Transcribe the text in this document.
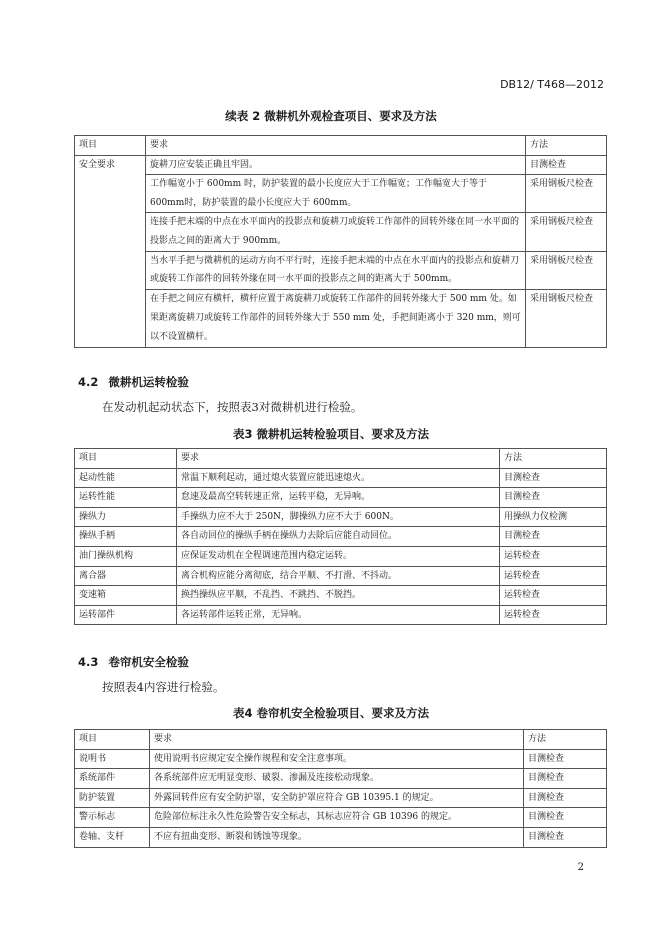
DB12/ T468—2012
续表 2 微耕机外观检查项目、要求及方法
项目	要求	方法
安全要求	旋耕刀应安装正确且牢固。	目测检查
	工作幅宽小于 600mm 时，防护装置的最小长度应大于工作幅宽；工作幅宽大于等于600mm时，防护装置的最小长度应大于 600mm。	采用钢板尺检查
	连接手把末端的中点在水平面内的投影点和旋耕刀或旋转工作部件的回转外缘在同一水平面的投影点之间的距离大于 900mm。	采用钢板尺检查
	当水平手把与微耕机的运动方向不平行时，连接手把末端的中点在水平面内的投影点和旋耕刀或旋转工作部件的回转外缘在同一水平面的投影点之间的距离大于 500mm。	采用钢板尺检查
	在手把之间应有横杆，横杆应置于离旋耕刀或旋转工作部件的回转外缘大于 500 mm 处。如果距离旋耕刀或旋转工作部件的回转外缘大于 550 mm 处，手把间距离小于 320 mm，则可以不设置横杆。	采用钢板尺检查
4.2 微耕机运转检验
在发动机起动状态下，按照表3对微耕机进行检验。
表3 微耕机运转检验项目、要求及方法
项目	要求	方法
起动性能	常温下顺利起动，通过熄火装置应能迅速熄火。	目测检查
运转性能	怠速及最高空转转速正常，运转平稳，无异响。	目测检查
操纵力	手操纵力应不大于 250N，脚操纵力应不大于 600N。	用操纵力仪检测
操纵手柄	各自动回位的操纵手柄在操纵力去除后应能自动回位。	目测检查
油门操纵机构	应保证发动机在全程调速范围内稳定运转。	运转检查
离合器	离合机构应能分离彻底，结合平顺、不打滑、不抖动。	运转检查
变速箱	换挡操纵应平顺，不乱挡、不跳挡、不脱挡。	运转检查
运转部件	各运转部件运转正常，无异响。	运转检查
4.3 卷帘机安全检验
按照表4内容进行检验。
表4 卷帘机安全检验项目、要求及方法
项目	要求	方法
说明书	使用说明书应规定安全操作规程和安全注意事项。	目测检查
系统部件	各系统部件应无明显变形、破裂、渗漏及连接松动现象。	目测检查
防护装置	外露回转件应有安全防护罩，安全防护罩应符合 GB 10395.1 的规定。	目测检查
警示标志	危险部位标注永久性危险警告安全标志，其标志应符合 GB 10396 的规定。	目测检查
卷轴、支杆	不应有扭曲变形、断裂和锈蚀等现象。	目测检查
2
